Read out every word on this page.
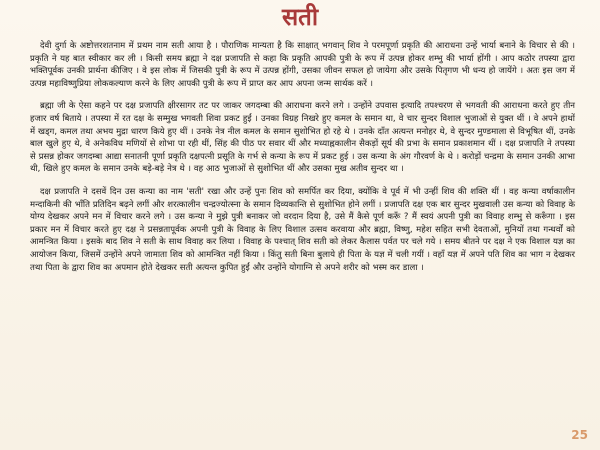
सती

देवी दुर्गा के अष्टोत्तरशतनाम में प्रथम नाम सती आया है । पौराणिक मान्यता है कि साक्षात् भगवान् शिव ने परमपूर्णा प्रकृति की आराधना उन्हें भार्या बनाने के विचार से की । प्रकृति ने यह बात स्वीकार कर ली । किसी समय ब्रह्मा ने दक्ष प्रजापति से कहा कि प्रकृति आपकी पुत्री के रूप में उत्पन्न होकर शम्भु की भार्या होंगी । आप कठोर तपस्या द्वारा भक्तिपूर्वक उनकी प्रार्थना कीजिए । वे इस लोक में जिसकी पुत्री के रूप में उत्पन्न होंगी, उसका जीवन सफल हो जायेगा और उसके पितृगण भी धन्य हो जायेंगे । अतः इस जग में उत्पन्न महाविष्णुप्रिया लोककल्याण करने के लिए आपकी पुत्री के रूप में प्राप्त कर आप अपना जन्म सार्थक करें ।

ब्रह्मा जी के ऐसा कहने पर दक्ष प्रजापति क्षीरसागर तट पर जाकर जगदम्बा की आराधना करने लगे । उन्होंने उपवास इत्यादि तपश्चरण से भगवती की आराधना करते हुए तीन हजार वर्ष बिताये । तपस्या में रत दक्ष के सम्मुख भगवती शिवा प्रकट हुईं । उनका विग्रह निखरे हुए कमल के समान था, वे चार सुन्दर विशाल भुजाओं से युक्त थीं । वे अपने हाथों में खड्ग, कमल तथा अभय मुद्रा धारण किये हुए थीं । उनके नेत्र नील कमल के समान सुशोभित हो रहे थे । उनके दाँत अत्यन्त मनोहर थे, वे सुन्दर मुण्डमाला से विभूषित थीं, उनके बाल खुले हुए थे, वे अनेकविध मणियों से शोभा पा रही थीं, सिंह की पीठ पर सवार थीं और मध्याह्नकालीन सैकड़ों सूर्य की प्रभा के समान प्रकाशमान थीं । दक्ष प्रजापति ने तपस्या से प्रसन्न होकर जगदम्बा आद्या सनातनी पूर्णा प्रकृति दक्षपत्नी प्रसूति के गर्भ से कन्या के रूप में प्रकट हुई । उस कन्या के अंग गौरवर्ण के थे । करोड़ों चन्द्रमा के समान उनकी आभा थी, खिले हुए कमल के समान उनके बड़े-बड़े नेत्र थे । वह आठ भुजाओं से सुशोभित थीं और उसका मुख अतीव सुन्दर था ।

दक्ष प्रजापति ने दसवें दिन उस कन्या का नाम 'सती' रखा और उन्हें पुनः शिव को समर्पित कर दिया, क्योंकि वे पूर्व में भी उन्हीं शिव की शक्ति थीं । वह कन्या वर्षाकालीन मन्दाकिनी की भाँति प्रतिदिन बढ़ने लगीं और शरत्कालीन चन्द्रज्योत्स्ना के समान दिव्यकान्ति से सुशोभित होने लगीं । प्रजापति दक्ष एक बार सुन्दर मुखवाली उस कन्या को विवाह के योग्य देखकर अपने मन में विचार करने लगे । उस कन्या ने मुझे पुत्री बनाकर जो वरदान दिया है, उसे मैं कैसे पूर्ण करूँ ? मैं स्वयं अपनी पुत्री का विवाह शम्भु से करूँगा । इस प्रकार मन में विचार करते हुए दक्ष ने प्रसन्नतापूर्वक अपनी पुत्री के विवाह के लिए विशाल उत्सव करवाया और ब्रह्मा, विष्णु, महेश सहित सभी देवताओं, मुनियों तथा गन्धर्वों को आमन्त्रित किया । इसके बाद शिव ने सती के साथ विवाह कर लिया । विवाह के पश्चात् शिव सती को लेकर कैलास पर्वत पर चले गये । समय बीतने पर दक्ष ने एक विशाल यज्ञ का आयोजन किया, जिसमें उन्होंने अपने जामाता शिव को आमन्त्रित नहीं किया । किंतु सती बिना बुलाये ही पिता के यज्ञ में चली गयीं । वहाँ यज्ञ में अपने पति शिव का भाग न देखकर तथा पिता के द्वारा शिव का अपमान होते देखकर सती अत्यन्त कुपित हुईं और उन्होंने योगाग्नि से अपने शरीर को भस्म कर डाला ।

25
